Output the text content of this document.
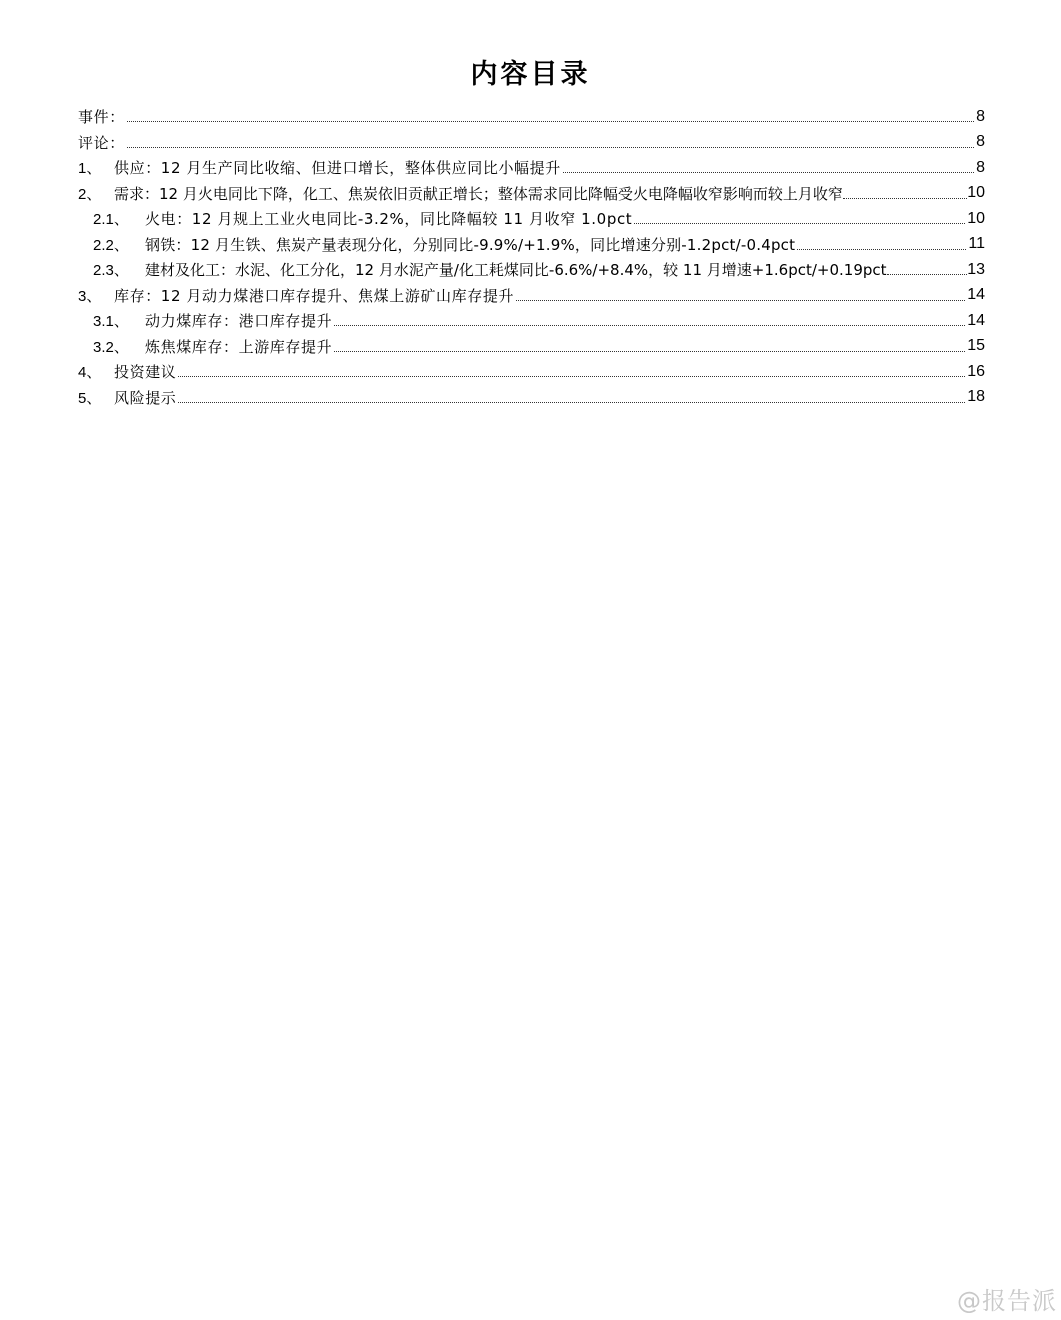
内容目录
事件：	8
评论：	8
1、 供应：12 月生产同比收缩、但进口增长，整体供应同比小幅提升	8
2、 需求：12 月火电同比下降，化工、焦炭依旧贡献正增长；整体需求同比降幅受火电降幅收窄影响而较上月收窄	10
2.1、	火电：12 月规上工业火电同比-3.2%，同比降幅较 11 月收窄 1.0pct	10
2.2、	钢铁：12 月生铁、焦炭产量表现分化，分别同比-9.9%/+1.9%，同比增速分别-1.2pct/-0.4pct	11
2.3、	建材及化工：水泥、化工分化，12 月水泥产量/化工耗煤同比-6.6%/+8.4%，较 11 月增速+1.6pct/+0.19pct	13
3、 库存：12 月动力煤港口库存提升、焦煤上游矿山库存提升	14
3.1、	动力煤库存：港口库存提升	14
3.2、	炼焦煤库存：上游库存提升	15
4、 投资建议	16
5、 风险提示	18
@报告派
